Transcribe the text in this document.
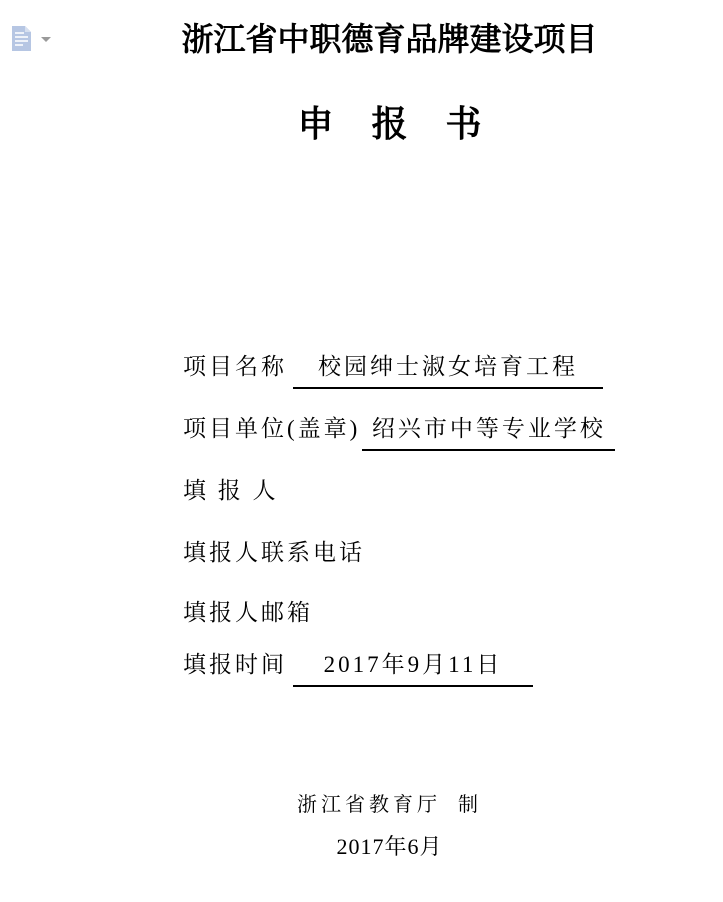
浙江省中职德育品牌建设项目
申 报 书
项目名称	校园绅士淑女培育工程
项目单位(盖章) 绍兴市中等专业学校
填 报 人
填报人联系电话
填报人邮箱
填报时间	2017年9月11日
浙江省教育厅 制
2017年6月
